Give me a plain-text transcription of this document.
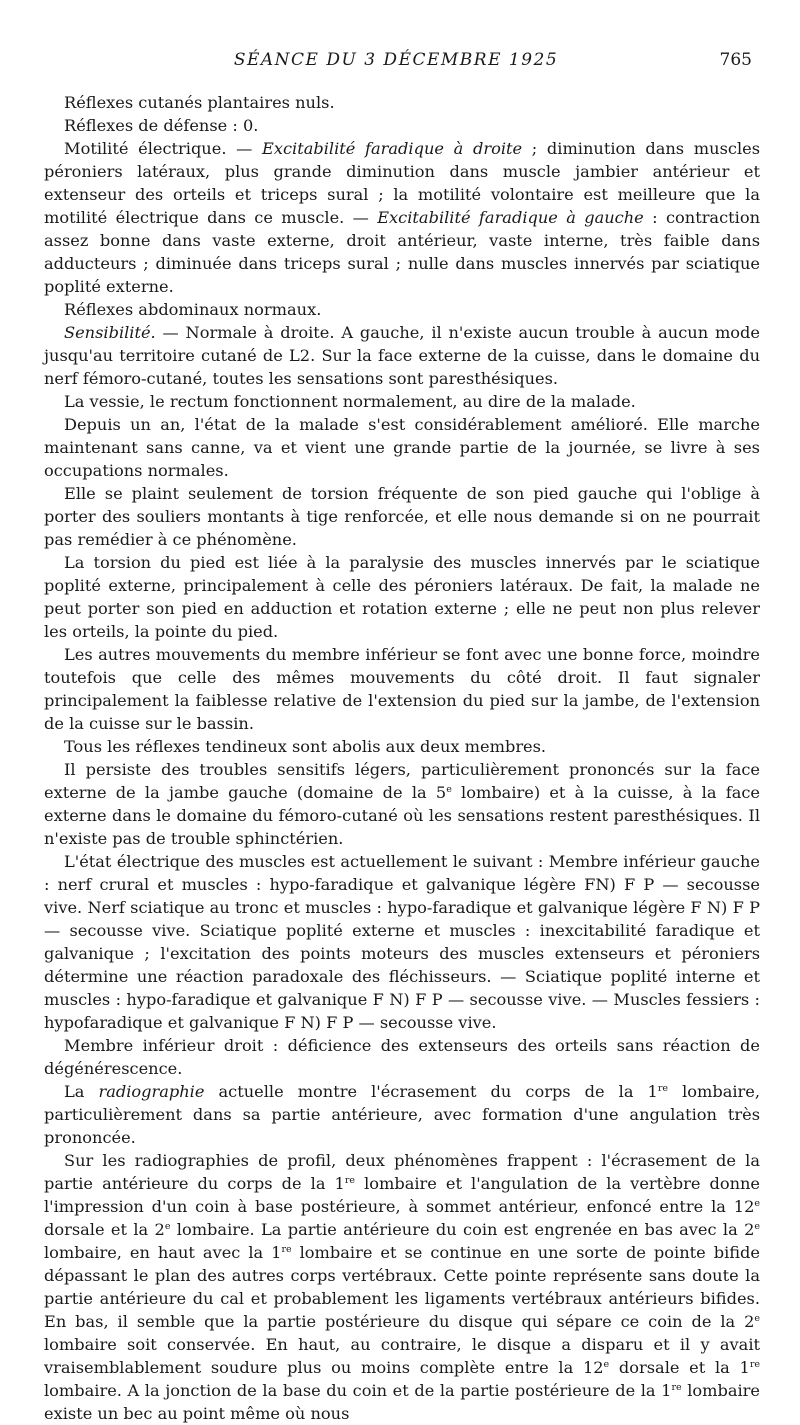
SÉANCE DU 3 DÉCEMBRE 1925	765

Réflexes cutanés plantaires nuls.

Réflexes de défense : 0.

Motilité électrique. — Excitabilité faradique à droite ; diminution dans muscles péroniers latéraux, plus grande diminution dans muscle jambier antérieur et extenseur des orteils et triceps sural ; la motilité volontaire est meilleure que la motilité électrique dans ce muscle. — Excitabilité faradique à gauche : contraction assez bonne dans vaste externe, droit antérieur, vaste interne, très faible dans adducteurs ; diminuée dans triceps sural ; nulle dans muscles innervés par sciatique poplité externe.

Réflexes abdominaux normaux.

Sensibilité. — Normale à droite. A gauche, il n'existe aucun trouble à aucun mode jusqu'au territoire cutané de L2. Sur la face externe de la cuisse, dans le domaine du nerf fémoro-cutané, toutes les sensations sont paresthésiques.

La vessie, le rectum fonctionnent normalement, au dire de la malade.

Depuis un an, l'état de la malade s'est considérablement amélioré. Elle marche maintenant sans canne, va et vient une grande partie de la journée, se livre à ses occupations normales.

Elle se plaint seulement de torsion fréquente de son pied gauche qui l'oblige à porter des souliers montants à tige renforcée, et elle nous demande si on ne pourrait pas remédier à ce phénomène.

La torsion du pied est liée à la paralysie des muscles innervés par le sciatique poplité externe, principalement à celle des péroniers latéraux. De fait, la malade ne peut porter son pied en adduction et rotation externe ; elle ne peut non plus relever les orteils, la pointe du pied.

Les autres mouvements du membre inférieur se font avec une bonne force, moindre toutefois que celle des mêmes mouvements du côté droit. Il faut signaler principalement la faiblesse relative de l'extension du pied sur la jambe, de l'extension de la cuisse sur le bassin.

Tous les réflexes tendineux sont abolis aux deux membres.

Il persiste des troubles sensitifs légers, particulièrement prononcés sur la face externe de la jambe gauche (domaine de la 5e lombaire) et à la cuisse, à la face externe dans le domaine du fémoro-cutané où les sensations restent paresthésiques. Il n'existe pas de trouble sphinctérien.

L'état électrique des muscles est actuellement le suivant : Membre inférieur gauche : nerf crural et muscles : hypo-faradique et galvanique légère FN) F P — secousse vive. Nerf sciatique au tronc et muscles : hypo-faradique et galvanique légère F N) F P — secousse vive. Sciatique poplité externe et muscles : inexcitabilité faradique et galvanique ; l'excitation des points moteurs des muscles extenseurs et péroniers détermine une réaction paradoxale des fléchisseurs. — Sciatique poplité interne et muscles : hypo-faradique et galvanique F N) F P — secousse vive. — Muscles fessiers : hypofaradique et galvanique F N) F P — secousse vive.

Membre inférieur droit : déficience des extenseurs des orteils sans réaction de dégénérescence.

La radiographie actuelle montre l'écrasement du corps de la 1re lombaire, particulièrement dans sa partie antérieure, avec formation d'une angulation très prononcée.

Sur les radiographies de profil, deux phénomènes frappent : l'écrasement de la partie antérieure du corps de la 1re lombaire et l'angulation de la vertèbre donne l'impression d'un coin à base postérieure, à sommet antérieur, enfoncé entre la 12e dorsale et la 2e lombaire. La partie antérieure du coin est engrenée en bas avec la 2e lombaire, en haut avec la 1re lombaire et se continue en une sorte de pointe bifide dépassant le plan des autres corps vertébraux. Cette pointe représente sans doute la partie antérieure du cal et probablement les ligaments vertébraux antérieurs bifides. En bas, il semble que la partie postérieure du disque qui sépare ce coin de la 2e lombaire soit conservée. En haut, au contraire, le disque a disparu et il y avait vraisemblablement soudure plus ou moins complète entre la 12e dorsale et la 1re lombaire. A la jonction de la base du coin et de la partie postérieure de la 1re lombaire existe un bec au point même où nous
